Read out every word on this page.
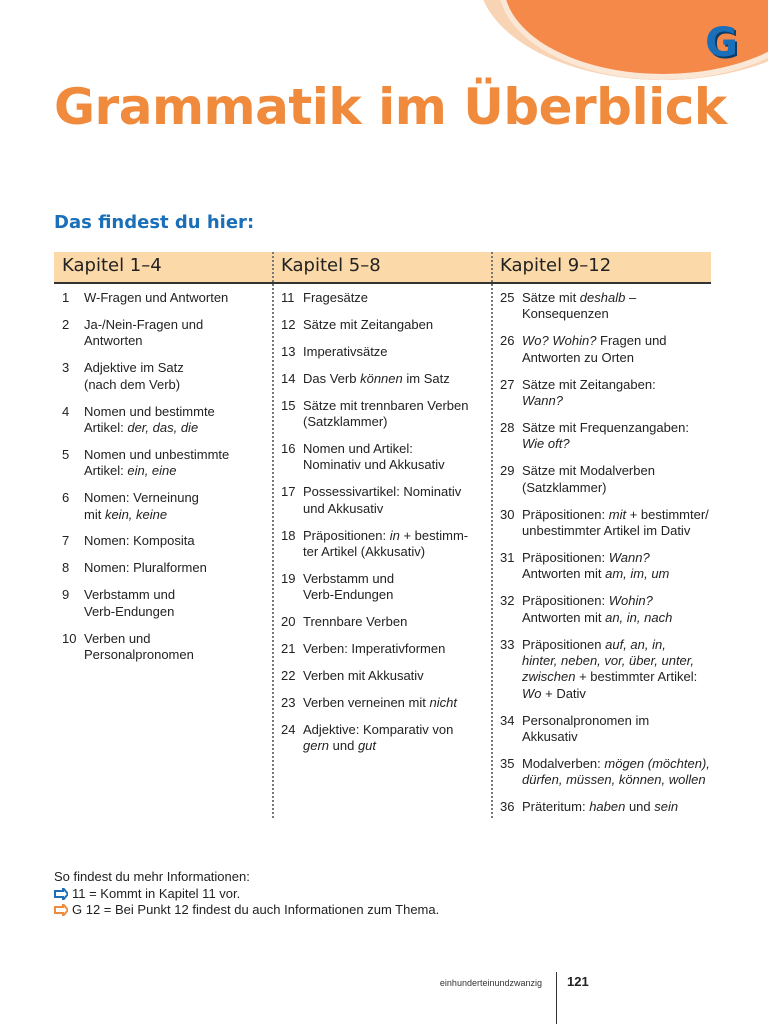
G
Grammatik im Überblick
Das findest du hier:
Kapitel 1–4	Kapitel 5–8	Kapitel 9–12
1	W-Fragen und Antworten
2	Ja-/Nein-Fragen und
Antworten
3	Adjektive im Satz
(nach dem Verb)
4	Nomen und bestimmte
Artikel: der, das, die
5	Nomen und unbestimmte
Artikel: ein, eine
6	Nomen: Verneinung
mit kein, keine
7	Nomen: Komposita
8	Nomen: Pluralformen
9	Verbstamm und
Verb-Endungen
10 Verben und
Personalpronomen
11 Fragesätze
12 Sätze mit Zeitangaben
13 Imperativsätze
14 Das Verb können im Satz
15 Sätze mit trennbaren Verben
(Satzklammer)
16 Nomen und Artikel:
Nominativ und Akkusativ
17 Possessivartikel: Nominativ
und Akkusativ
18 Präpositionen: in + bestimm-
ter Artikel (Akkusativ)
19 Verbstamm und
Verb-Endungen
20 Trennbare Verben
21 Verben: Imperativformen
22 Verben mit Akkusativ
23 Verben verneinen mit nicht
24 Adjektive: Komparativ von
gern und gut
25 Sätze mit deshalb –
Konsequenzen
26 Wo? Wohin? Fragen und
Antworten zu Orten
27 Sätze mit Zeitangaben:
Wann?
28 Sätze mit Frequenzangaben:
Wie oft?
29 Sätze mit Modalverben
(Satzklammer)
30 Präpositionen: mit + bestimmter/
unbestimmter Artikel im Dativ
31 Präpositionen: Wann?
Antworten mit am, im, um
32 Präpositionen: Wohin?
Antworten mit an, in, nach
33 Präpositionen auf, an, in,
hinter, neben, vor, über, unter,
zwischen + bestimmter Artikel:
Wo + Dativ
34 Personalpronomen im
Akkusativ
35 Modalverben: mögen (möchten),
dürfen, müssen, können, wollen
36 Präteritum: haben und sein
So findest du mehr Informationen:
11 = Kommt in Kapitel 11 vor.
G 12 = Bei Punkt 12 findest du auch Informationen zum Thema.
einhunderteinundzwanzig 121
